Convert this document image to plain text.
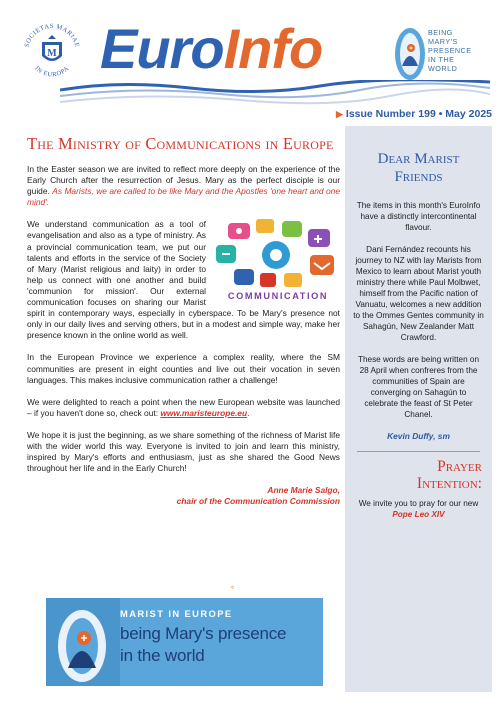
SOCIETAS MARIAE
IN EUROPA
M EuroInfo	BEING
MARY'S
PRESENCE
IN THE
WORLD
▶ Issue Number 199 • May 2025
The Ministry of Communications in Europe

In the Easter season we are invited to reflect more deeply on the experience of the Early Church after the resurrection of Jesus. Mary as the perfect disciple is our guide. As Marists, we are called to be like Mary and the Apostles 'one heart and one mind'.

COMMUNICATION

We understand communication as a tool of evangelisation and also as a type of ministry. As a provincial communication team, we put our talents and efforts in the service of the Society of Mary (Marist religious and laity) in order to help us connect with one another and build 'communion for mission'. Our external communication focuses on sharing our Marist spirit in contemporary ways, especially in cyberspace. To be Mary's presence not only in our daily lives and serving others, but in a modest and simple way, make her presence known in the online world as well.

In the European Province we experience a complex reality, where the SM communities are present in eight counties and live out their vocation in seven languages. This makes inclusive communication rather a challenge!

We were delighted to reach a point when the new European website was launched – if you haven't done so, check out: www.maristeurope.eu.

We hope it is just the beginning, as we share something of the richness of Marist life with the wider world this way. Everyone is invited to join and learn this ministry, inspired by Mary's efforts and enthusiasm, just as she shared the Good News throughout her life and in the Early Church!

Anne Marie Salgo,
chair of the Communication Commission
°
Dear Marist
Friends

The items in this month's EuroInfo have a distinctly intercontinental flavour.

Dani Fernández recounts his journey to NZ with lay Marists from Mexico to learn about Marist youth ministry there while Paul Molbwet, himself from the Pacific nation of Vanuatu, welcomes a new addition to the Ommes Gentes community in Sahagún, New Zealander Matt Crawford.

These words are being written on 28 April when confreres from the communities of Spain are converging on Sahagún to celebrate the feast of St Peter Chanel.

Kevin Duffy, sm
Prayer
Intention:

We invite you to pray for our new Pope Leo XIV

MARIST IN EUROPE
being Mary's presence
in the world
